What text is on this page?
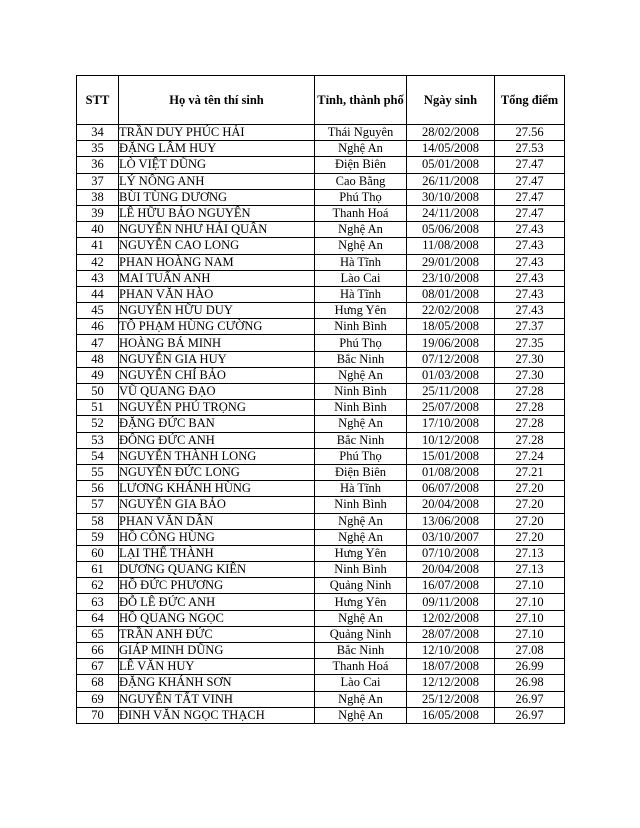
STT	Họ và tên thí sinh	Tỉnh, thành phố	Ngày sinh	Tổng điểm
34	TRẦN DUY PHÚC HẢI	Thái Nguyên	28/02/2008	27.56
35	ĐẶNG LÂM HUY	Nghệ An	14/05/2008	27.53
36	LÒ VIỆT DŨNG	Điện Biên	05/01/2008	27.47
37	LÝ NÔNG ANH	Cao Bằng	26/11/2008	27.47
38	BÙI TÙNG DƯƠNG	Phú Thọ	30/10/2008	27.47
39	LÊ HỮU BẢO NGUYÊN	Thanh Hoá	24/11/2008	27.47
40	NGUYỄN NHƯ HẢI QUÂN	Nghệ An	05/06/2008	27.43
41	NGUYỄN CAO LONG	Nghệ An	11/08/2008	27.43
42	PHAN HOÀNG NAM	Hà Tĩnh	29/01/2008	27.43
43	MAI TUẤN ANH	Lào Cai	23/10/2008	27.43
44	PHAN VĂN HÀO	Hà Tĩnh	08/01/2008	27.43
45	NGUYỄN HỮU DUY	Hưng Yên	22/02/2008	27.43
46	TÔ PHẠM HÙNG CƯỜNG	Ninh Bình	18/05/2008	27.37
47	HOÀNG BÁ MINH	Phú Thọ	19/06/2008	27.35
48	NGUYỄN GIA HUY	Bắc Ninh	07/12/2008	27.30
49	NGUYỄN CHÍ BẢO	Nghệ An	01/03/2008	27.30
50	VŨ QUANG ĐẠO	Ninh Bình	25/11/2008	27.28
51	NGUYỄN PHÚ TRỌNG	Ninh Bình	25/07/2008	27.28
52	ĐẶNG ĐỨC BAN	Nghệ An	17/10/2008	27.28
53	ĐÔNG ĐỨC ANH	Bắc Ninh	10/12/2008	27.28
54	NGUYỄN THÀNH LONG	Phú Thọ	15/01/2008	27.24
55	NGUYỄN ĐỨC LONG	Điện Biên	01/08/2008	27.21
56	LƯƠNG KHÁNH HÙNG	Hà Tĩnh	06/07/2008	27.20
57	NGUYỄN GIA BẢO	Ninh Bình	20/04/2008	27.20
58	PHAN VĂN DÂN	Nghệ An	13/06/2008	27.20
59	HỒ CÔNG HÙNG	Nghệ An	03/10/2007	27.20
60	LẠI THẾ THÀNH	Hưng Yên	07/10/2008	27.13
61	DƯƠNG QUANG KIÊN	Ninh Bình	20/04/2008	27.13
62	HỒ ĐỨC PHƯƠNG	Quảng Ninh	16/07/2008	27.10
63	ĐỖ LÊ ĐỨC ANH	Hưng Yên	09/11/2008	27.10
64	HỒ QUANG NGỌC	Nghệ An	12/02/2008	27.10
65	TRẦN ANH ĐỨC	Quảng Ninh	28/07/2008	27.10
66	GIÁP MINH DŨNG	Bắc Ninh	12/10/2008	27.08
67	LÊ VĂN HUY	Thanh Hoá	18/07/2008	26.99
68	ĐẶNG KHÁNH SƠN	Lào Cai	12/12/2008	26.98
69	NGUYỄN TẤT VINH	Nghệ An	25/12/2008	26.97
70	ĐINH VĂN NGỌC THẠCH	Nghệ An	16/05/2008	26.97
